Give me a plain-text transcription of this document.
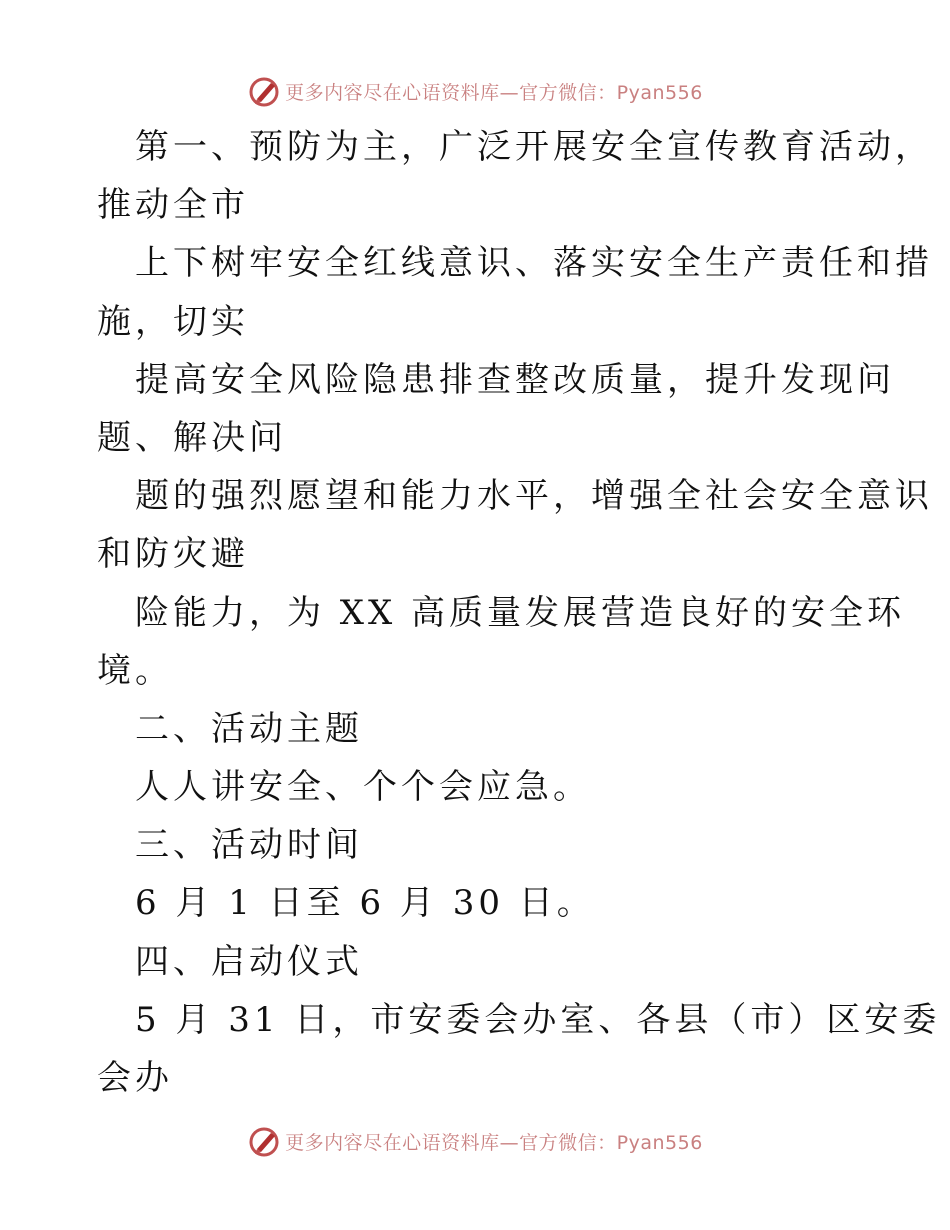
更多内容尽在心语资料库—官方微信：Pyan556
第一、预防为主，广泛开展安全宣传教育活动，
推动全市
上下树牢安全红线意识、落实安全生产责任和措
施，切实
提高安全风险隐患排查整改质量，提升发现问
题、解决问
题的强烈愿望和能力水平，增强全社会安全意识
和防灾避
险能力，为 XX 高质量发展营造良好的安全环
境。
二、活动主题
人人讲安全、个个会应急。
三、活动时间
6 月 1 日至 6 月 30 日。
四、启动仪式
5 月 31 日，市安委会办室、各县（市）区安委
会办
更多内容尽在心语资料库—官方微信：Pyan556
